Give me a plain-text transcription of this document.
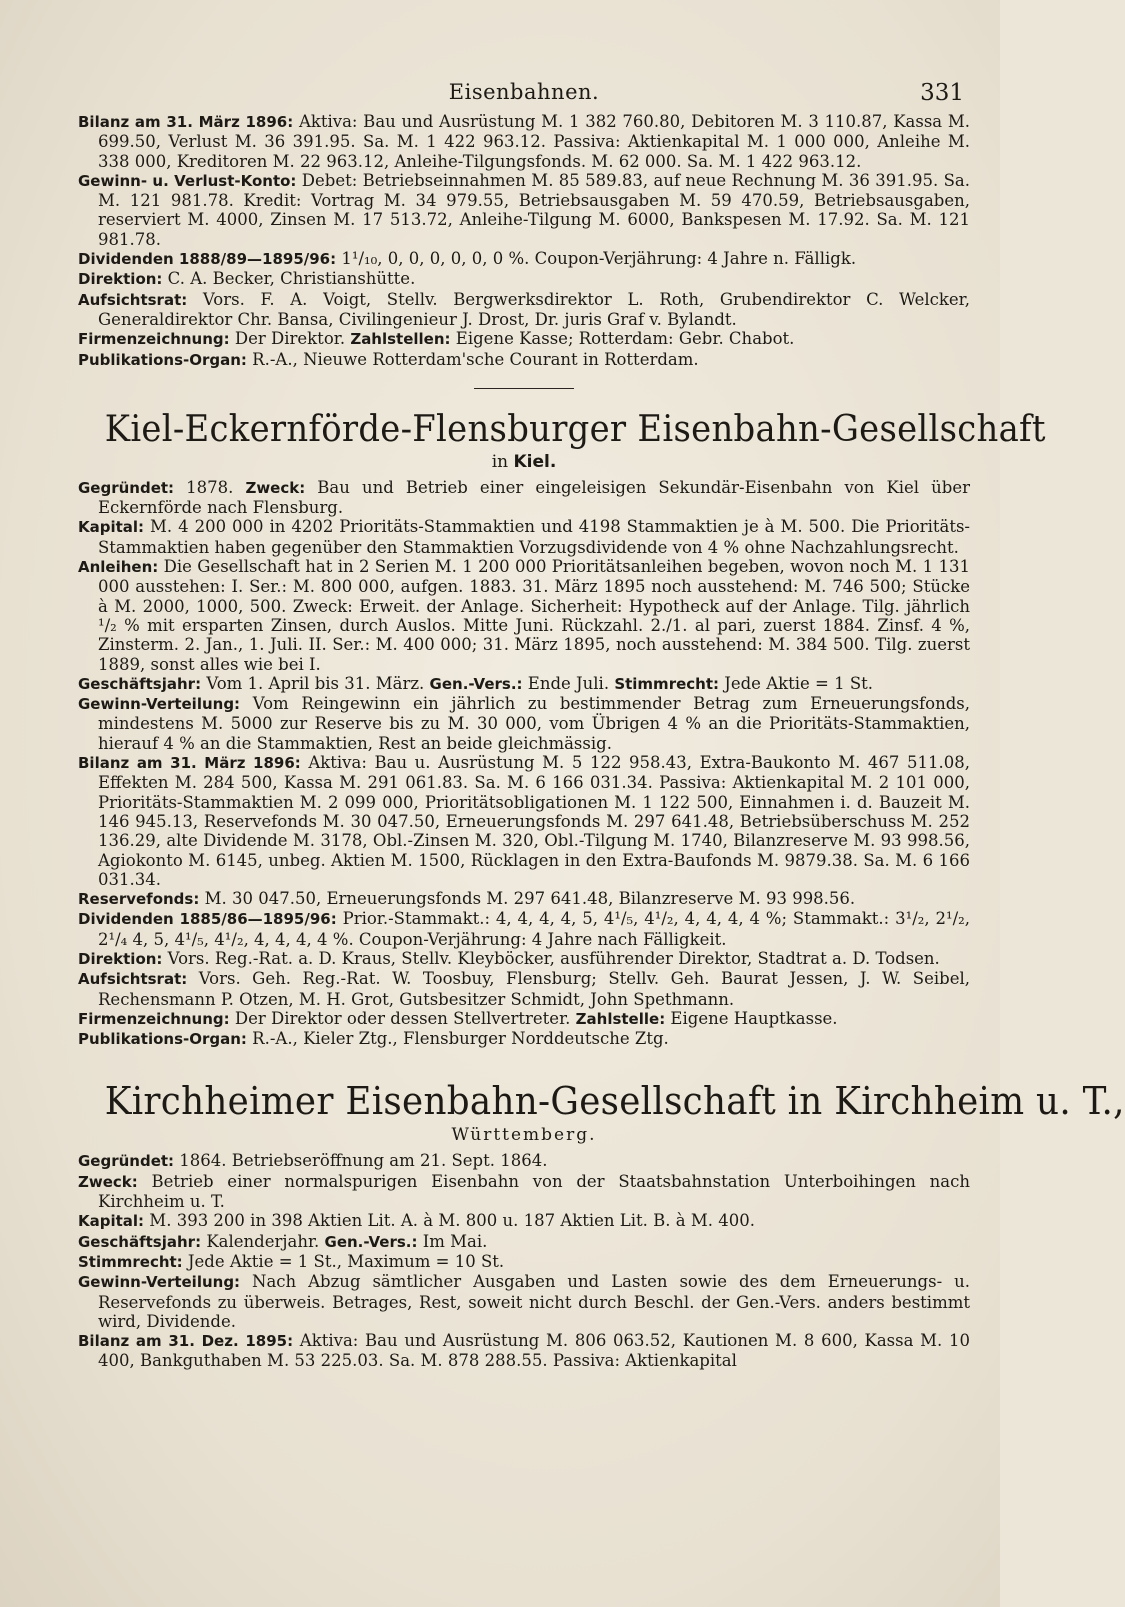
Eisenbahnen.	331

Bilanz am 31. März 1896: Aktiva: Bau und Ausrüstung M. 1 382 760.80, Debitoren M. 3 110.87, Kassa M. 699.50, Verlust M. 36 391.95. Sa. M. 1 422 963.12. Passiva: Aktienkapital M. 1 000 000, Anleihe M. 338 000, Kreditoren M. 22 963.12, Anleihe-Tilgungsfonds. M. 62 000. Sa. M. 1 422 963.12.

Gewinn- u. Verlust-Konto: Debet: Betriebseinnahmen M. 85 589.83, auf neue Rechnung M. 36 391.95. Sa. M. 121 981.78. Kredit: Vortrag M. 34 979.55, Betriebsausgaben M. 59 470.59, Betriebsausgaben, reserviert M. 4000, Zinsen M. 17 513.72, Anleihe-Tilgung M. 6000, Bankspesen M. 17.92. Sa. M. 121 981.78.

Dividenden 1888/89—1895/96: 1¹/₁₀, 0, 0, 0, 0, 0, 0 %. Coupon-Verjährung: 4 Jahre n. Fälligk.

Direktion: C. A. Becker, Christianshütte.

Aufsichtsrat: Vors. F. A. Voigt, Stellv. Bergwerksdirektor L. Roth, Grubendirektor C. Welcker, Generaldirektor Chr. Bansa, Civilingenieur J. Drost, Dr. juris Graf v. Bylandt.

Firmenzeichnung: Der Direktor. Zahlstellen: Eigene Kasse; Rotterdam: Gebr. Chabot.

Publikations-Organ: R.-A., Nieuwe Rotterdam'sche Courant in Rotterdam.

Kiel-Eckernförde-Flensburger Eisenbahn-Gesellschaft
in Kiel.

Gegründet: 1878. Zweck: Bau und Betrieb einer eingeleisigen Sekundär-Eisenbahn von Kiel über Eckernförde nach Flensburg.

Kapital: M. 4 200 000 in 4202 Prioritäts-Stammaktien und 4198 Stammaktien je à M. 500. Die Prioritäts-Stammaktien haben gegenüber den Stammaktien Vorzugsdividende von 4 % ohne Nachzahlungsrecht.

Anleihen: Die Gesellschaft hat in 2 Serien M. 1 200 000 Prioritätsanleihen begeben, wovon noch M. 1 131 000 ausstehen: I. Ser.: M. 800 000, aufgen. 1883. 31. März 1895 noch ausstehend: M. 746 500; Stücke à M. 2000, 1000, 500. Zweck: Erweit. der Anlage. Sicherheit: Hypotheck auf der Anlage. Tilg. jährlich ¹/₂ % mit ersparten Zinsen, durch Auslos. Mitte Juni. Rückzahl. 2./1. al pari, zuerst 1884. Zinsf. 4 %, Zinsterm. 2. Jan., 1. Juli. II. Ser.: M. 400 000; 31. März 1895, noch ausstehend: M. 384 500. Tilg. zuerst 1889, sonst alles wie bei I.

Geschäftsjahr: Vom 1. April bis 31. März. Gen.-Vers.: Ende Juli. Stimmrecht: Jede Aktie = 1 St.

Gewinn-Verteilung: Vom Reingewinn ein jährlich zu bestimmender Betrag zum Erneuerungsfonds, mindestens M. 5000 zur Reserve bis zu M. 30 000, vom Übrigen 4 % an die Prioritäts-Stammaktien, hierauf 4 % an die Stammaktien, Rest an beide gleichmässig.

Bilanz am 31. März 1896: Aktiva: Bau u. Ausrüstung M. 5 122 958.43, Extra-Baukonto M. 467 511.08, Effekten M. 284 500, Kassa M. 291 061.83. Sa. M. 6 166 031.34. Passiva: Aktienkapital M. 2 101 000, Prioritäts-Stammaktien M. 2 099 000, Prioritätsobligationen M. 1 122 500, Einnahmen i. d. Bauzeit M. 146 945.13, Reservefonds M. 30 047.50, Erneuerungsfonds M. 297 641.48, Betriebsüberschuss M. 252 136.29, alte Dividende M. 3178, Obl.-Zinsen M. 320, Obl.-Tilgung M. 1740, Bilanzreserve M. 93 998.56, Agiokonto M. 6145, unbeg. Aktien M. 1500, Rücklagen in den Extra-Baufonds M. 9879.38. Sa. M. 6 166 031.34.

Reservefonds: M. 30 047.50, Erneuerungsfonds M. 297 641.48, Bilanzreserve M. 93 998.56.

Dividenden 1885/86—1895/96: Prior.-Stammakt.: 4, 4, 4, 4, 5, 4¹/₅, 4¹/₂, 4, 4, 4, 4 %; Stammakt.: 3¹/₂, 2¹/₂, 2¹/₄ 4, 5, 4¹/₅, 4¹/₂, 4, 4, 4, 4 %. Coupon-Verjährung: 4 Jahre nach Fälligkeit.

Direktion: Vors. Reg.-Rat. a. D. Kraus, Stellv. Kleyböcker, ausführender Direktor, Stadtrat a. D. Todsen.

Aufsichtsrat: Vors. Geh. Reg.-Rat. W. Toosbuy, Flensburg; Stellv. Geh. Baurat Jessen, J. W. Seibel, Rechensmann P. Otzen, M. H. Grot, Gutsbesitzer Schmidt, John Spethmann.

Firmenzeichnung: Der Direktor oder dessen Stellvertreter. Zahlstelle: Eigene Hauptkasse.

Publikations-Organ: R.-A., Kieler Ztg., Flensburger Norddeutsche Ztg.

Kirchheimer Eisenbahn-Gesellschaft in Kirchheim u. T.,
Württemberg.

Gegründet: 1864. Betriebseröffnung am 21. Sept. 1864.

Zweck: Betrieb einer normalspurigen Eisenbahn von der Staatsbahnstation Unterboihingen nach Kirchheim u. T.

Kapital: M. 393 200 in 398 Aktien Lit. A. à M. 800 u. 187 Aktien Lit. B. à M. 400.

Geschäftsjahr: Kalenderjahr. Gen.-Vers.: Im Mai.

Stimmrecht: Jede Aktie = 1 St., Maximum = 10 St.

Gewinn-Verteilung: Nach Abzug sämtlicher Ausgaben und Lasten sowie des dem Erneuerungs- u. Reservefonds zu überweis. Betrages, Rest, soweit nicht durch Beschl. der Gen.-Vers. anders bestimmt wird, Dividende.

Bilanz am 31. Dez. 1895: Aktiva: Bau und Ausrüstung M. 806 063.52, Kautionen M. 8 600, Kassa M. 10 400, Bankguthaben M. 53 225.03. Sa. M. 878 288.55. Passiva: Aktienkapital
